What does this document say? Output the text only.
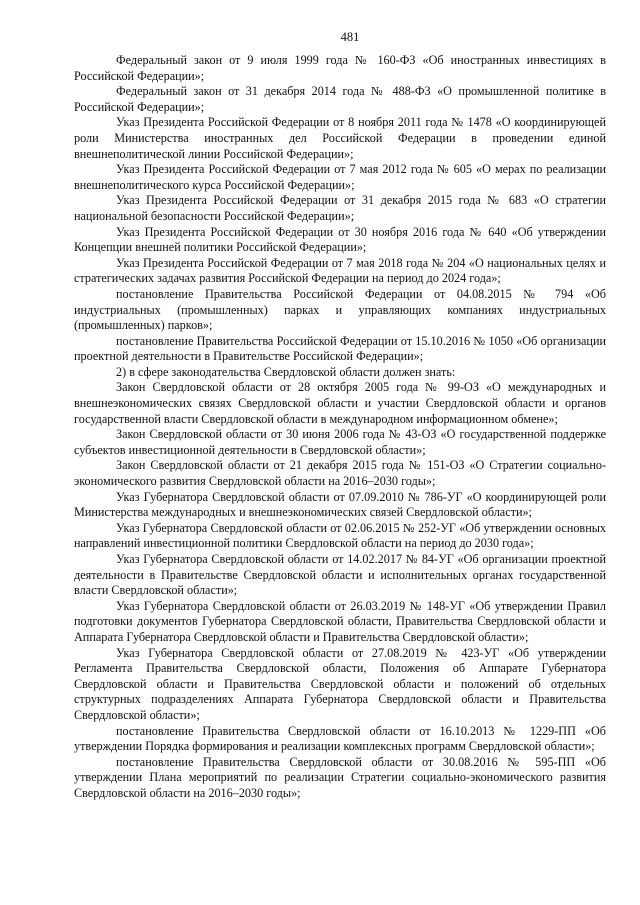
481

Федеральный закон от 9 июля 1999 года № 160-ФЗ «Об иностранных инвестициях в Российской Федерации»;

Федеральный закон от 31 декабря 2014 года № 488-ФЗ «О промышленной политике в Российской Федерации»;

Указ Президента Российской Федерации от 8 ноября 2011 года № 1478 «О координирующей роли Министерства иностранных дел Российской Федерации в проведении единой внешнеполитической линии Российской Федерации»;

Указ Президента Российской Федерации от 7 мая 2012 года № 605 «О мерах по реализации внешнеполитического курса Российской Федерации»;

Указ Президента Российской Федерации от 31 декабря 2015 года № 683 «О стратегии национальной безопасности Российской Федерации»;

Указ Президента Российской Федерации от 30 ноября 2016 года № 640 «Об утверждении Концепции внешней политики Российской Федерации»;

Указ Президента Российской Федерации от 7 мая 2018 года № 204 «О национальных целях и стратегических задачах развития Российской Федерации на период до 2024 года»;

постановление Правительства Российской Федерации от 04.08.2015 № 794 «Об индустриальных (промышленных) парках и управляющих компаниях индустриальных (промышленных) парков»;

постановление Правительства Российской Федерации от 15.10.2016 № 1050 «Об организации проектной деятельности в Правительстве Российской Федерации»;

2) в сфере законодательства Свердловской области должен знать:

Закон Свердловской области от 28 октября 2005 года № 99-ОЗ «О международных и внешнеэкономических связях Свердловской области и участии Свердловской области и органов государственной власти Свердловской области в международном информационном обмене»;

Закон Свердловской области от 30 июня 2006 года № 43-ОЗ «О государственной поддержке субъектов инвестиционной деятельности в Свердловской области»;

Закон Свердловской области от 21 декабря 2015 года № 151-ОЗ «О Стратегии социально-экономического развития Свердловской области на 2016–2030 годы»;

Указ Губернатора Свердловской области от 07.09.2010 № 786-УГ «О координирующей роли Министерства международных и внешнеэкономических связей Свердловской области»;

Указ Губернатора Свердловской области от 02.06.2015 № 252-УГ «Об утверждении основных направлений инвестиционной политики Свердловской области на период до 2030 года»;

Указ Губернатора Свердловской области от 14.02.2017 № 84-УГ «Об организации проектной деятельности в Правительстве Свердловской области и исполнительных органах государственной власти Свердловской области»;

Указ Губернатора Свердловской области от 26.03.2019 № 148-УГ «Об утверждении Правил подготовки документов Губернатора Свердловской области, Правительства Свердловской области и Аппарата Губернатора Свердловской области и Правительства Свердловской области»;

Указ Губернатора Свердловской области от 27.08.2019 № 423-УГ «Об утверждении Регламента Правительства Свердловской области, Положения об Аппарате Губернатора Свердловской области и Правительства Свердловской области и положений об отдельных структурных подразделениях Аппарата Губернатора Свердловской области и Правительства Свердловской области»;

постановление Правительства Свердловской области от 16.10.2013 № 1229-ПП «Об утверждении Порядка формирования и реализации комплексных программ Свердловской области»;

постановление Правительства Свердловской области от 30.08.2016 № 595-ПП «Об утверждении Плана мероприятий по реализации Стратегии социально-экономического развития Свердловской области на 2016–2030 годы»;
